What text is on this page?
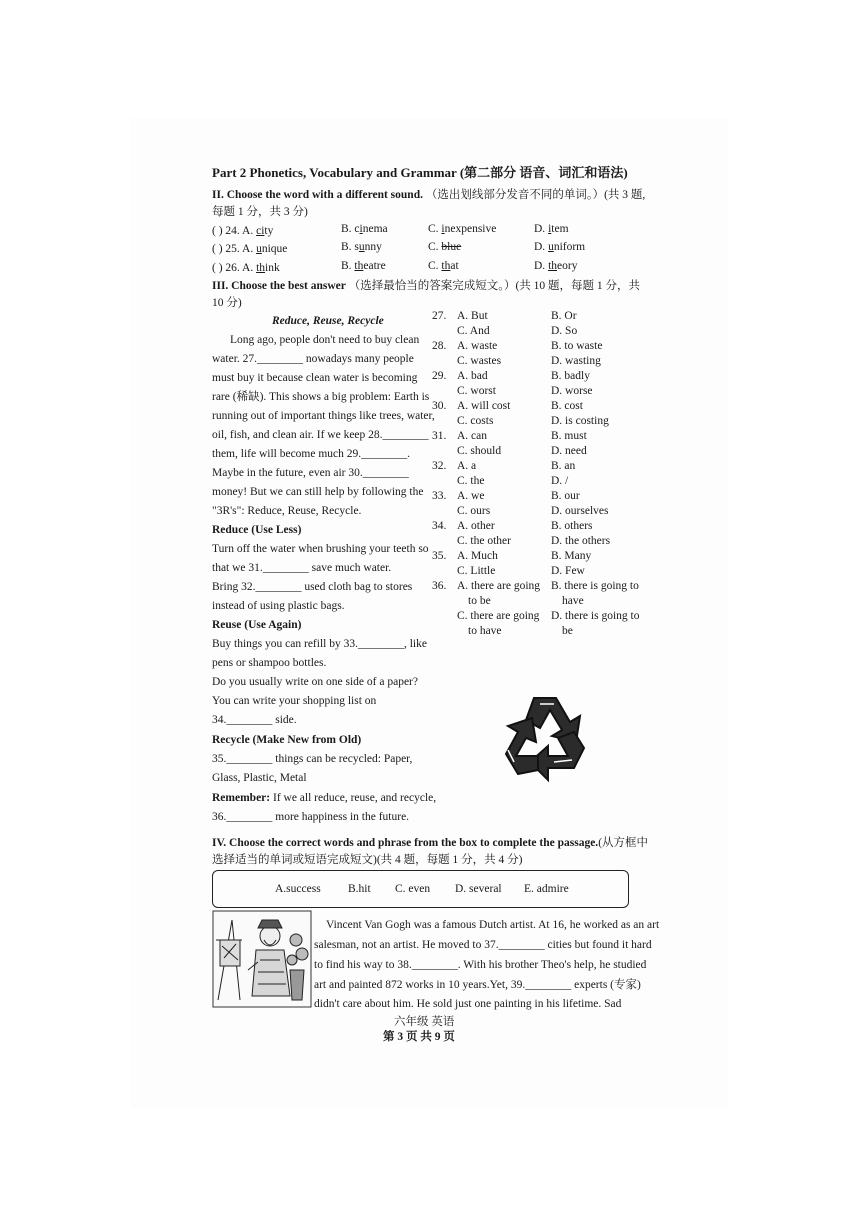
Part 2 Phonetics, Vocabulary and Grammar (第二部分 语音、词汇和语法)
II. Choose the word with a different sound. （选出划线部分发音不同的单词。）(共 3 题,
每题 1 分，共 3 分)
( ) 24. A. city	B. cinema	C. inexpensive	D. item
( ) 25. A. unique	B. sunny	C. blue	D. uniform
( ) 26. A. think	B. theatre	C. that	D. theory
III. Choose the best answer （选择最恰当的答案完成短文。）(共 10 题，每题 1 分，共
10 分)
Reduce, Reuse, Recycle
Long ago, people don't need to buy clean
water. 27.________ nowadays many people
must buy it because clean water is becoming
rare (稀缺). This shows a big problem: Earth is
running out of important things like trees, water,
oil, fish, and clean air. If we keep 28.________
them, life will become much 29.________.
Maybe in the future, even air 30.________
money! But we can still help by following the
"3R's": Reduce, Reuse, Recycle.
Reduce (Use Less)
Turn off the water when brushing your teeth so
that we 31.________ save much water.
Bring 32.________ used cloth bag to stores
instead of using plastic bags.
Reuse (Use Again)
Buy things you can refill by 33.________, like
pens or shampoo bottles.
Do you usually write on one side of a paper?
You can write your shopping list on
34.________ side.
Recycle (Make New from Old)
35.________ things can be recycled: Paper,
Glass, Plastic, Metal
Remember: If we all reduce, reuse, and recycle,
36.________ more happiness in the future.
27. A. But	B. Or
C. And	D. So
28. A. waste	B. to waste
C. wastes	D. wasting
29. A. bad	B. badly
C. worst	D. worse
30. A. will cost	B. cost
C. costs	D. is costing
31. A. can	B. must
C. should	D. need
32. A. a	B. an
C. the	D. /
33. A. we	B. our
C. ours	D. ourselves
34. A. other	B. others
C. the other	D. the others
35. A. Much	B. Many
C. Little	D. Few
36. A. there are going
to be
B. there is going to
have
C. there are going
to have
D. there is going to
be
IV. Choose the correct words and phrase from the box to complete the passage.(从方框中
选择适当的单词或短语完成短文)(共 4 题，每题 1 分，共 4 分)
A.success B.hit C. even D. several E. admire
Vincent Van Gogh was a famous Dutch artist. At 16, he worked as an art
salesman, not an artist. He moved to 37.________ cities but found it hard
to find his way to 38.________. With his brother Theo's help, he studied
art and painted 872 works in 10 years.Yet, 39.________ experts (专家)
didn't care about him. He sold just one painting in his lifetime. Sad
六年级 英语
第 3 页 共 9 页
